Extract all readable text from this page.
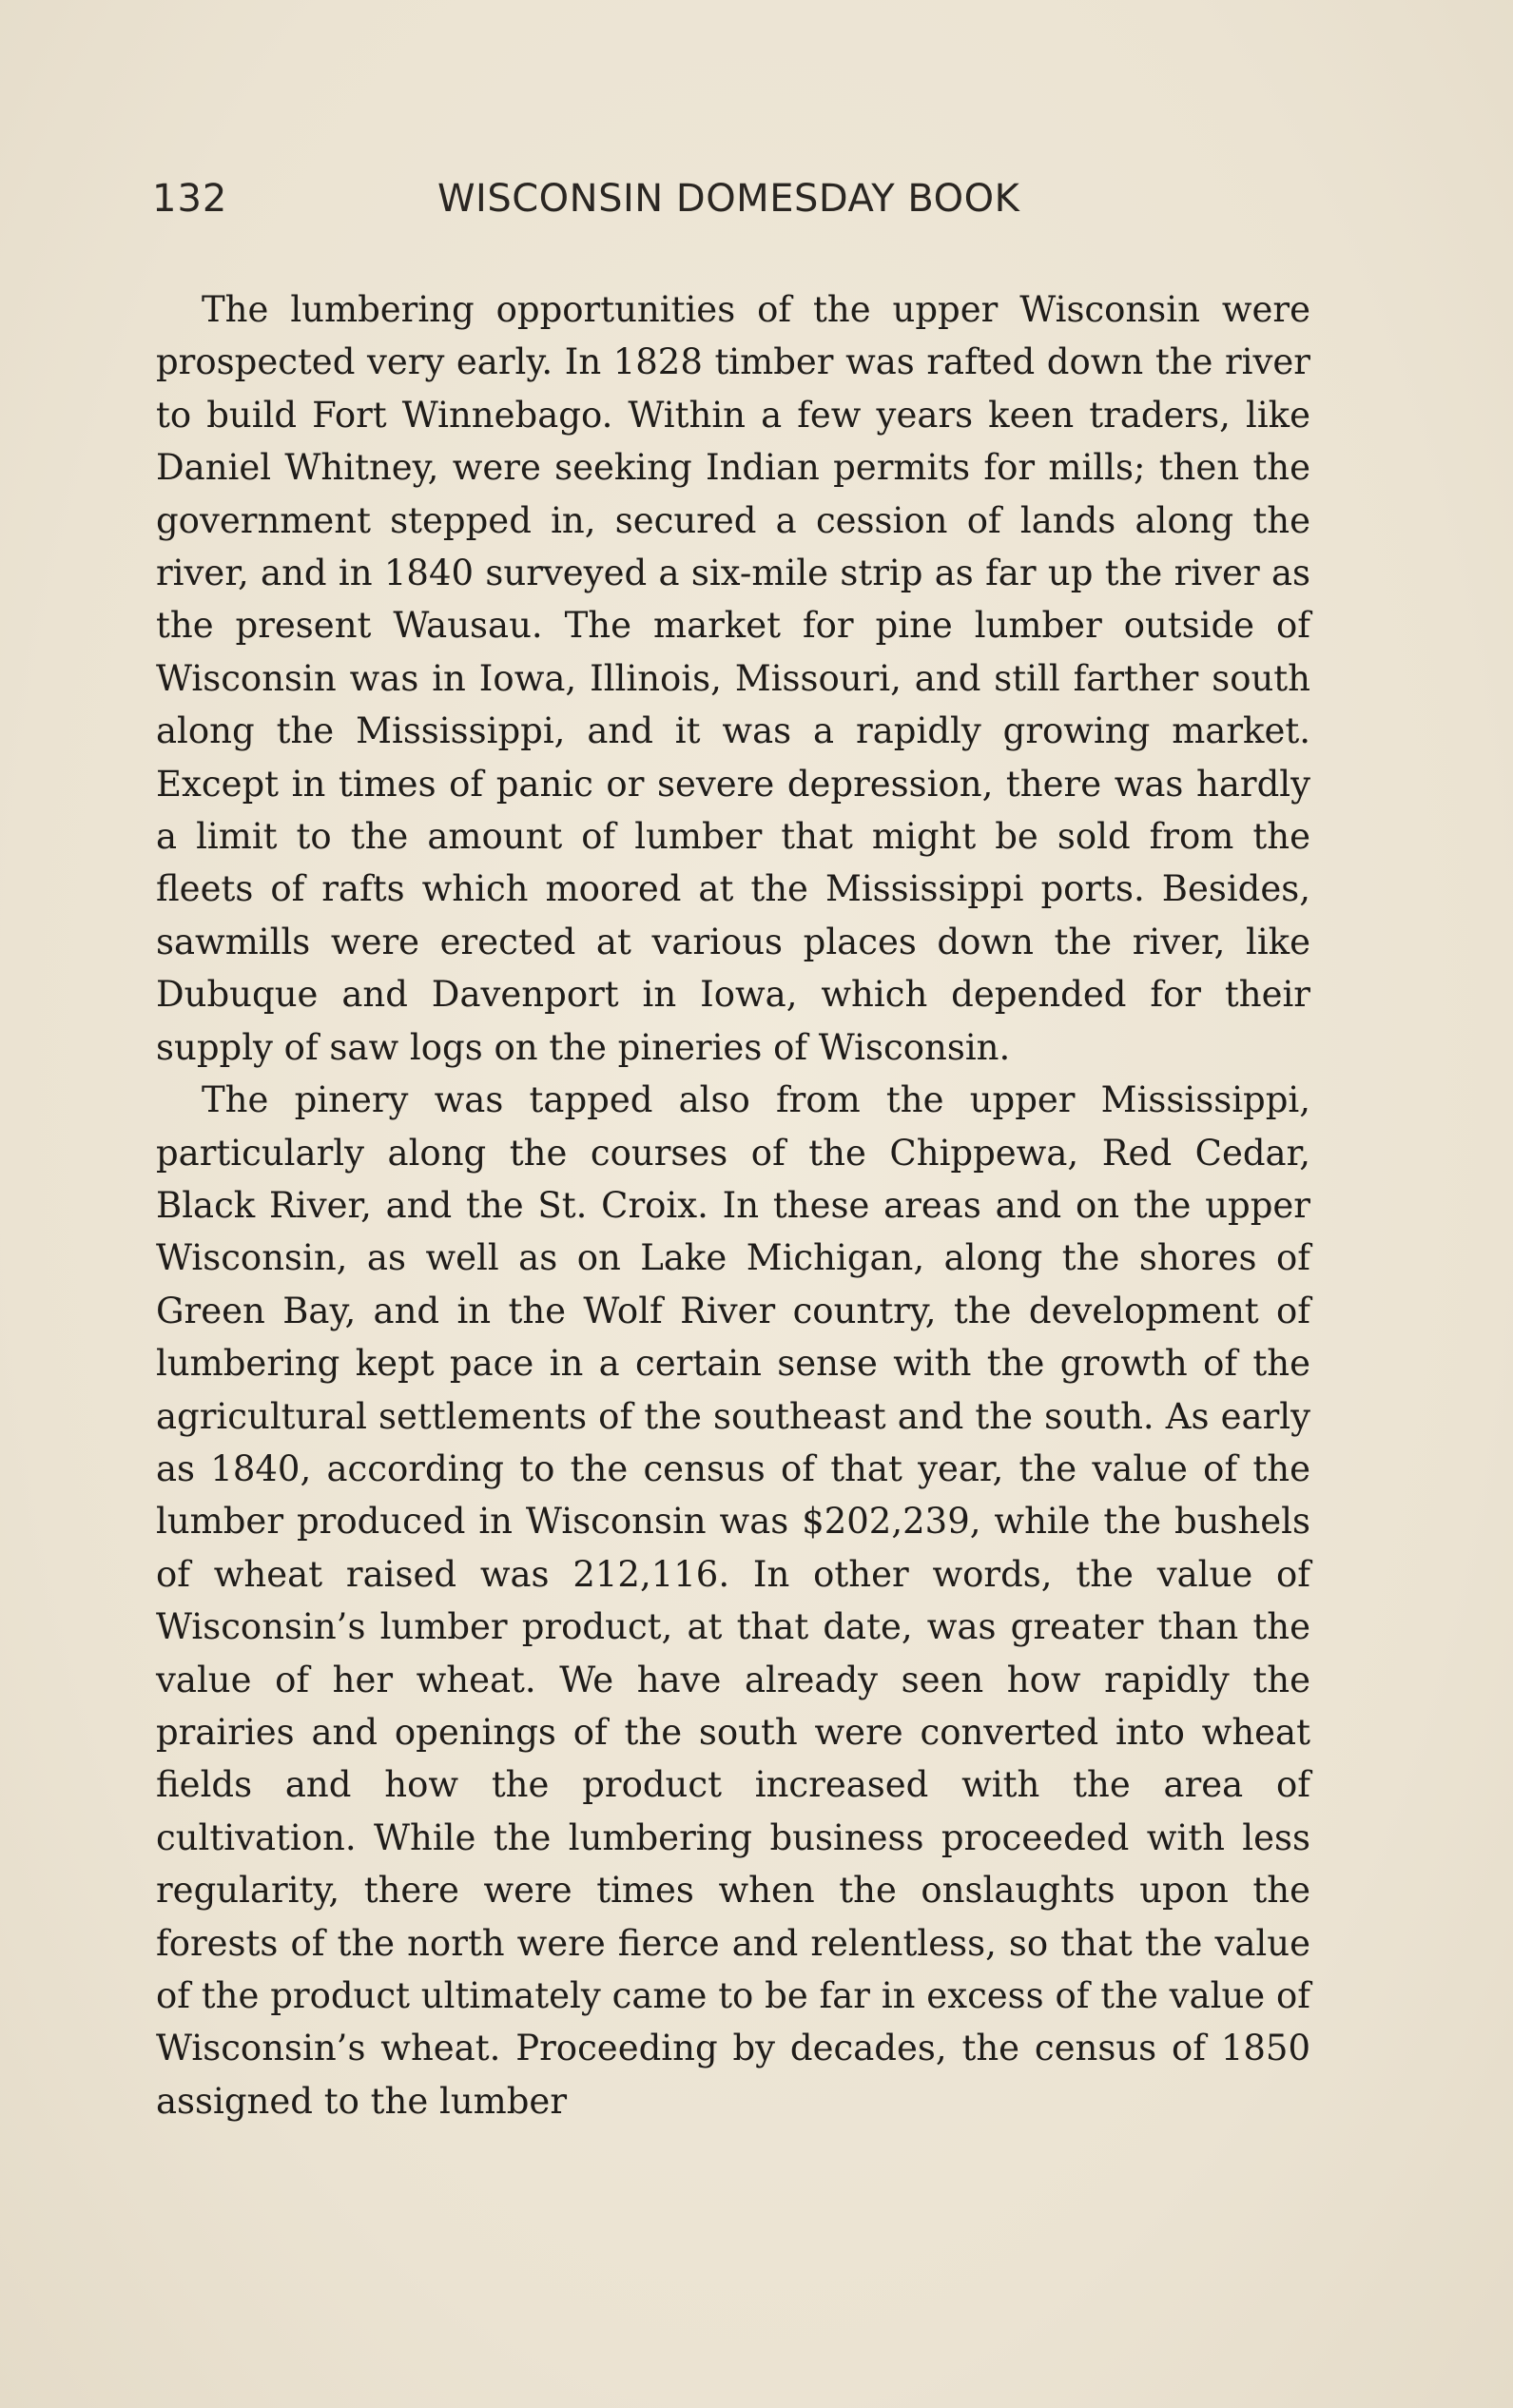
132	WISCONSIN DOMESDAY BOOK

The lumbering opportunities of the upper Wisconsin were prospected very early. In 1828 timber was rafted down the river to build Fort Winnebago. Within a few years keen traders, like Daniel Whitney, were seeking Indian permits for mills; then the government stepped in, secured a cession of lands along the river, and in 1840 surveyed a six-mile strip as far up the river as the present Wausau. The market for pine lumber outside of Wisconsin was in Iowa, Illinois, Missouri, and still farther south along the Mississippi, and it was a rapidly growing market. Except in times of panic or severe depression, there was hardly a limit to the amount of lumber that might be sold from the fleets of rafts which moored at the Mississippi ports. Besides, sawmills were erected at various places down the river, like Dubuque and Davenport in Iowa, which depended for their supply of saw logs on the pineries of Wisconsin.

The pinery was tapped also from the upper Mississippi, particularly along the courses of the Chippewa, Red Cedar, Black River, and the St. Croix. In these areas and on the upper Wisconsin, as well as on Lake Michigan, along the shores of Green Bay, and in the Wolf River country, the development of lumbering kept pace in a certain sense with the growth of the agricultural settlements of the southeast and the south. As early as 1840, according to the census of that year, the value of the lumber produced in Wisconsin was $202,239, while the bushels of wheat raised was 212,116. In other words, the value of Wisconsin’s lumber product, at that date, was greater than the value of her wheat. We have already seen how rapidly the prairies and openings of the south were converted into wheat fields and how the product increased with the area of cultivation. While the lumbering business proceeded with less regularity, there were times when the onslaughts upon the forests of the north were fierce and relentless, so that the value of the product ultimately came to be far in excess of the value of Wisconsin’s wheat. Proceeding by decades, the census of 1850 assigned to the lumber
